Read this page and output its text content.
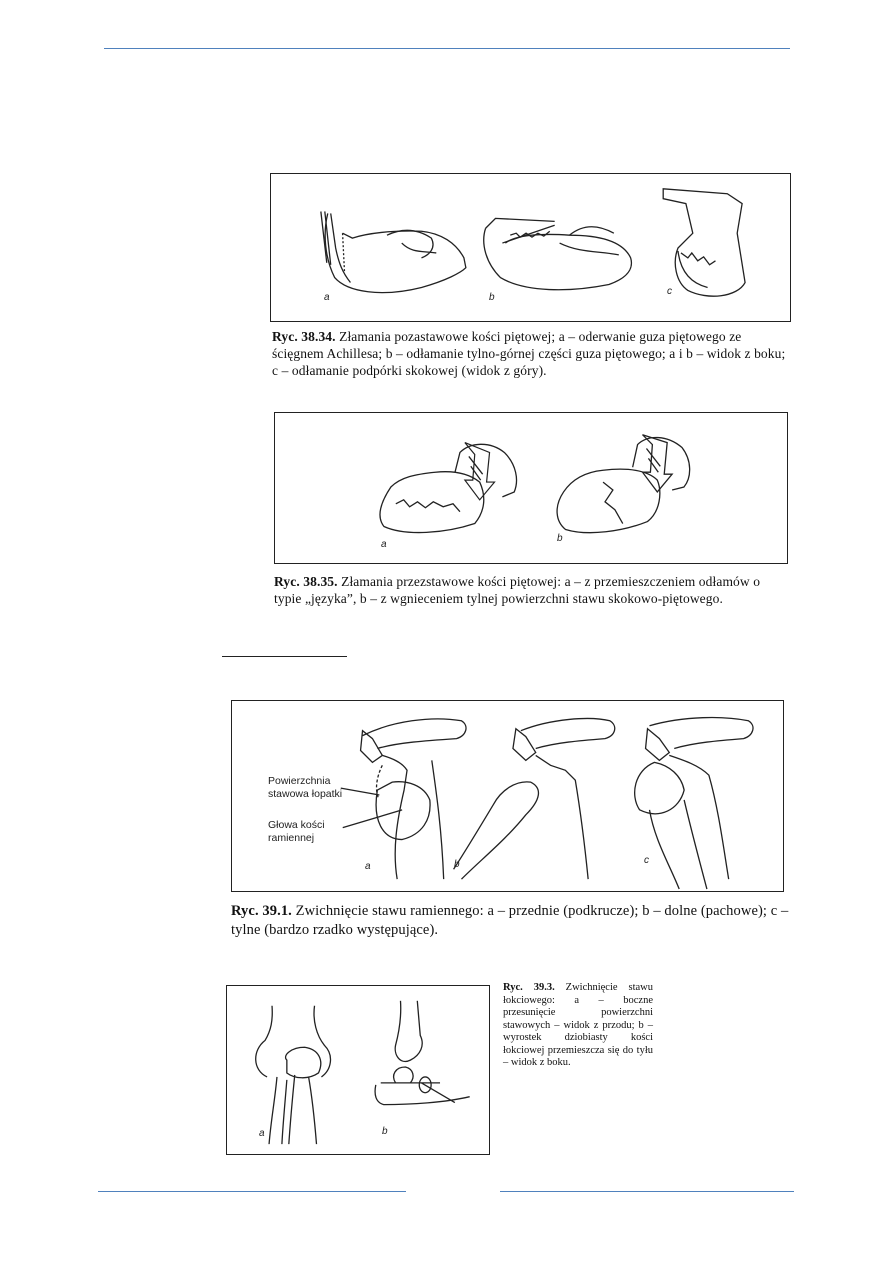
a	b
c
Ryc. 38.34. Złamania pozastawowe kości piętowej; a – oderwanie guza piętowego ze ścięgnem Achillesa; b – odłamanie tylno-górnej części guza piętowego; a i b – widok z boku; c – odłamanie podpórki skokowej (widok z góry).
a
b
Ryc. 38.35. Złamania przezstawowe kości piętowej: a – z przemieszczeniem odłamów o typie „języka”, b – z wgnieceniem tylnej powierzchni stawu skokowo-piętowego.
Powierzchnia stawowa łopatki
Głowa kości ramiennej
a	b	c
Ryc. 39.1. Zwichnięcie stawu ramiennego: a – przednie (podkrucze); b – dolne (pachowe); c – tylne (bardzo rzadko występujące).
a	b
Ryc. 39.3. Zwichnięcie stawu łokciowego: a – boczne przesunięcie powierzchni stawowych – widok z przodu; b – wyrostek dziobiasty kości łokciowej przemieszcza się do tyłu – widok z boku.
